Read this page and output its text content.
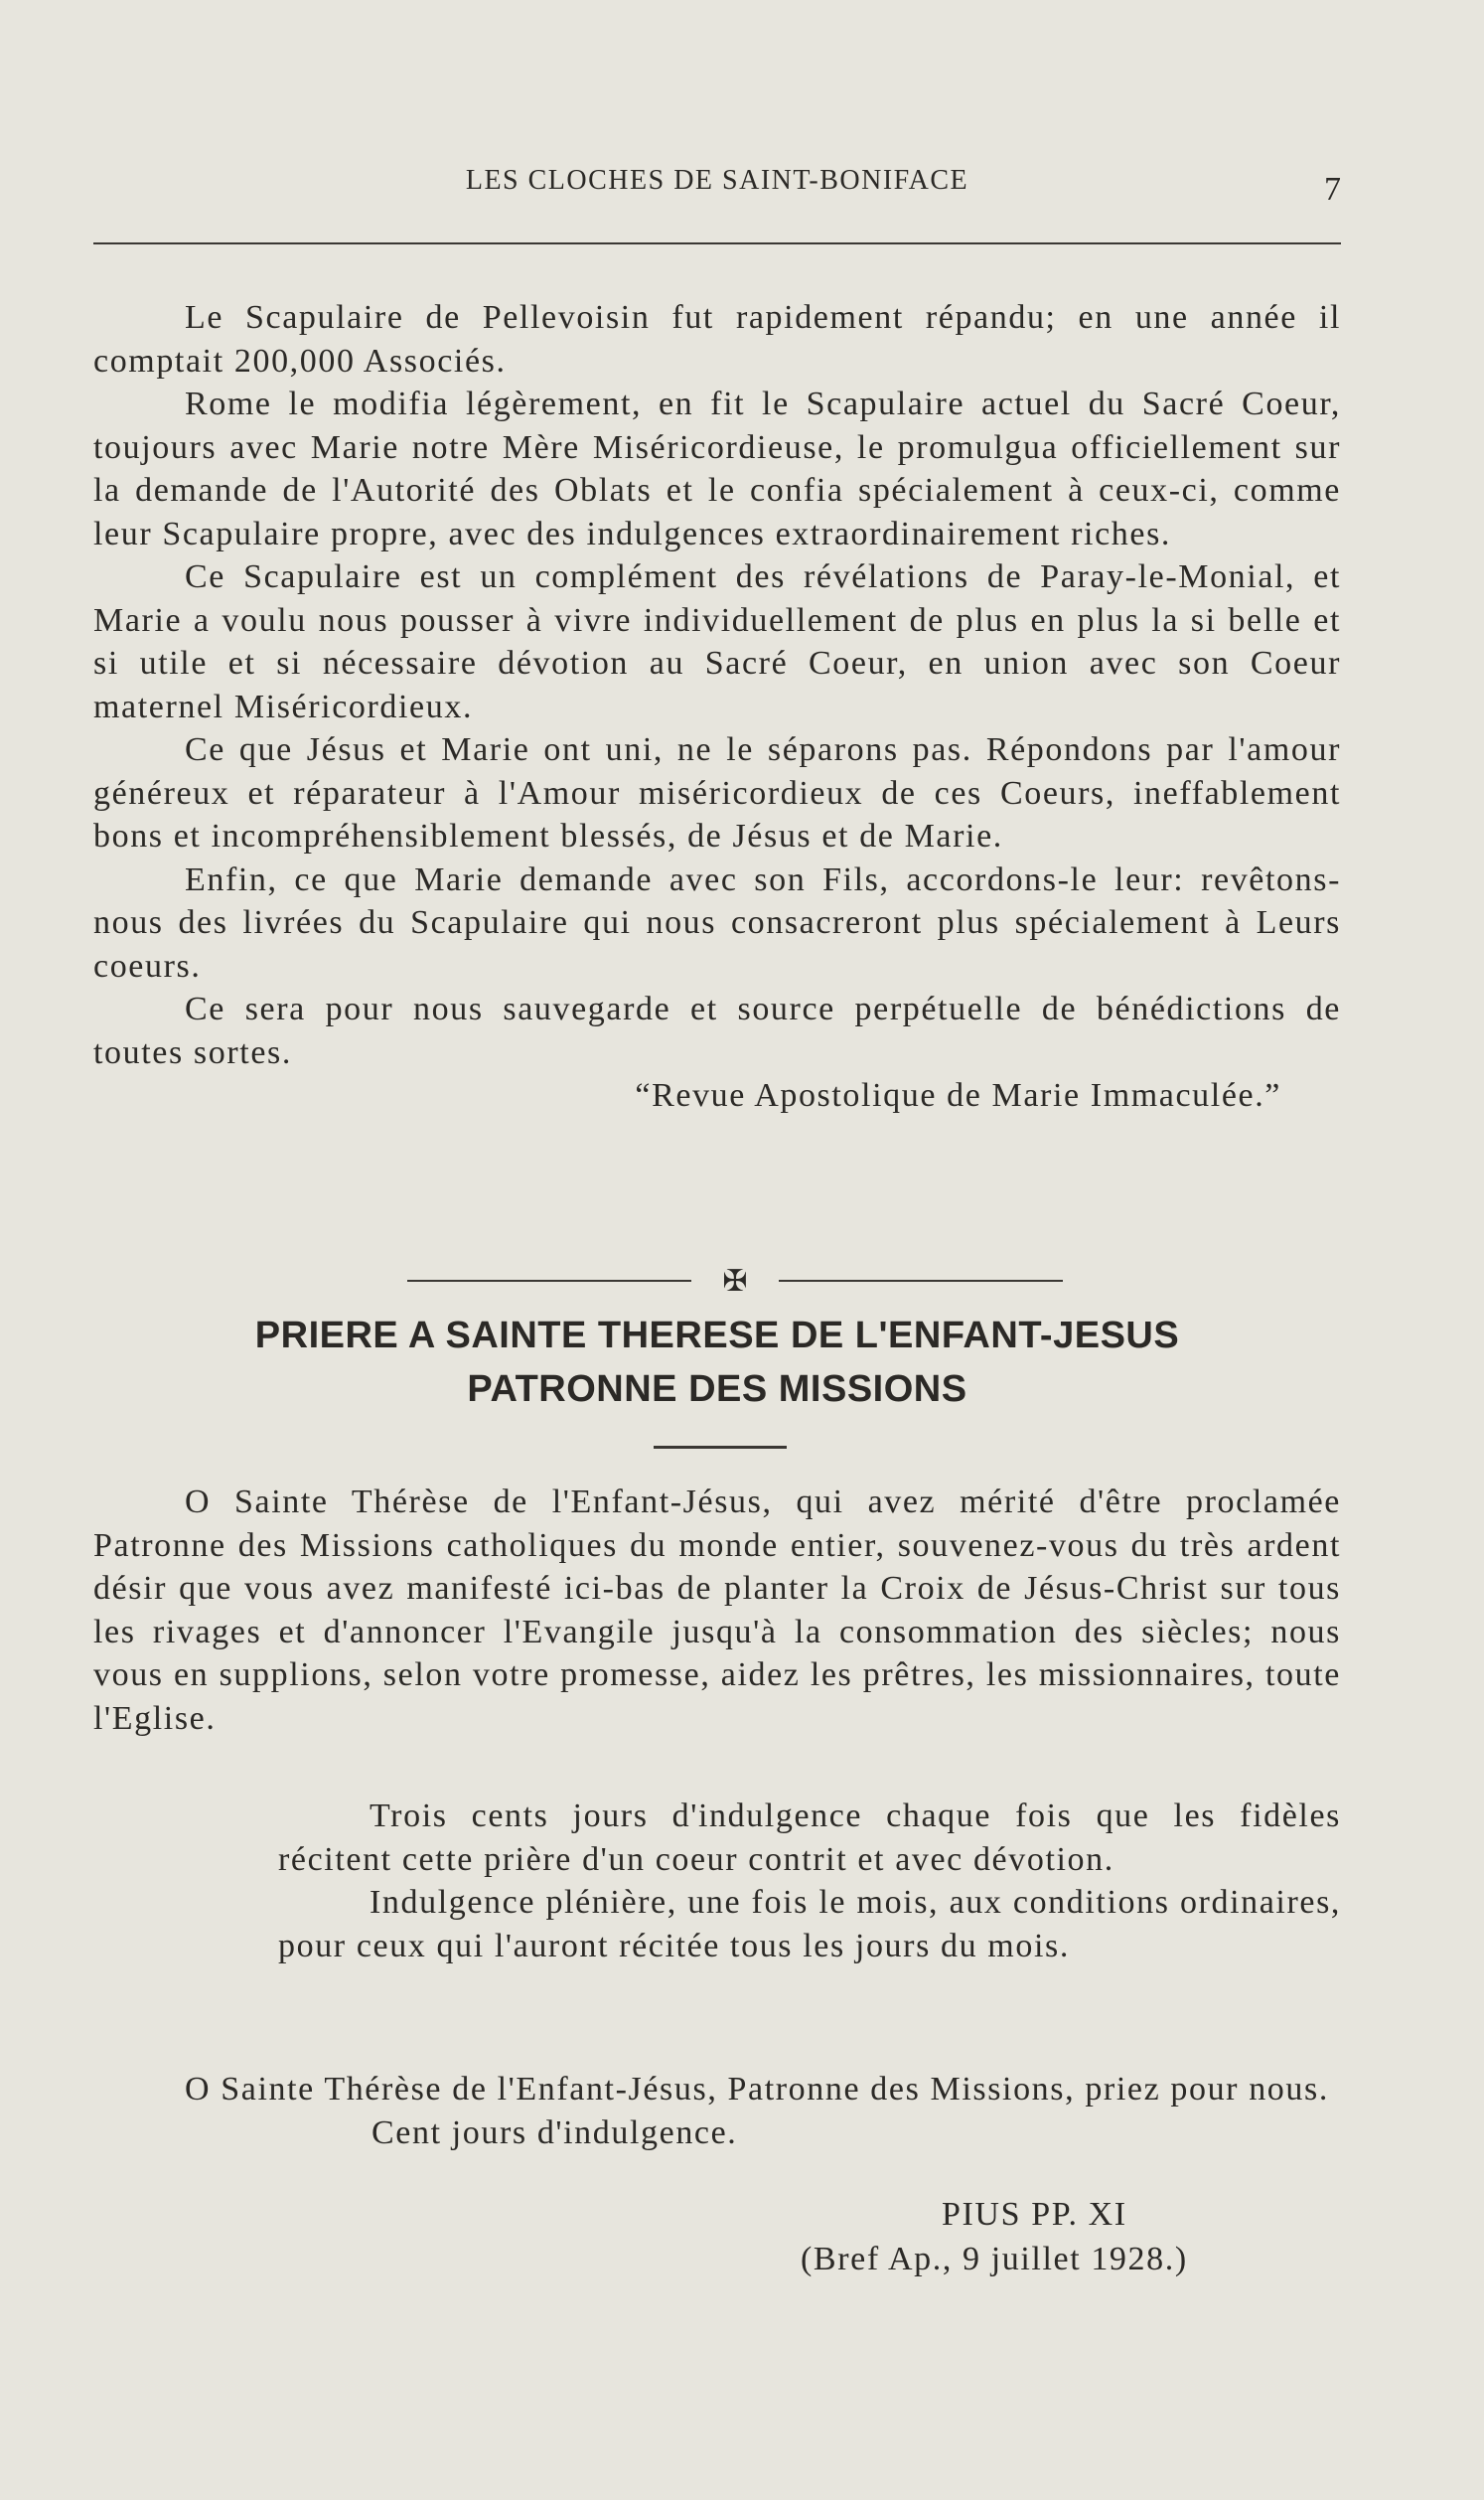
LES CLOCHES DE SAINT-BONIFACE	7

Le Scapulaire de Pellevoisin fut rapidement répandu; en une année il comptait 200,000 Associés.

Rome le modifia légèrement, en fit le Scapulaire actuel du Sacré Coeur, toujours avec Marie notre Mère Miséricordieuse, le promulgua officiellement sur la demande de l'Autorité des Oblats et le confia spécialement à ceux-ci, comme leur Scapulaire propre, avec des indulgences extraordinairement riches.

Ce Scapulaire est un complément des révélations de Paray-le-Monial, et Marie a voulu nous pousser à vivre individuellement de plus en plus la si belle et si utile et si nécessaire dévotion au Sacré Coeur, en union avec son Coeur maternel Miséricordieux.

Ce que Jésus et Marie ont uni, ne le séparons pas. Répondons par l'amour généreux et réparateur à l'Amour miséricordieux de ces Coeurs, ineffablement bons et incompréhensiblement blessés, de Jésus et de Marie.

Enfin, ce que Marie demande avec son Fils, accordons-le leur: revêtons-nous des livrées du Scapulaire qui nous consacreront plus spécialement à Leurs coeurs.

Ce sera pour nous sauvegarde et source perpétuelle de bénédictions de toutes sortes.

“Revue Apostolique de Marie Immaculée.”

✠
PRIERE A SAINTE THERESE DE L'ENFANT-JESUS
PATRONNE DES MISSIONS

O Sainte Thérèse de l'Enfant-Jésus, qui avez mérité d'être proclamée Patronne des Missions catholiques du monde entier, souvenez-vous du très ardent désir que vous avez manifesté ici-bas de planter la Croix de Jésus-Christ sur tous les rivages et d'annoncer l'Evangile jusqu'à la consommation des siècles; nous vous en supplions, selon votre promesse, aidez les prêtres, les missionnaires, toute l'Eglise.

Trois cents jours d'indulgence chaque fois que les fidèles récitent cette prière d'un coeur contrit et avec dévotion.

Indulgence plénière, une fois le mois, aux conditions ordinaires, pour ceux qui l'auront récitée tous les jours du mois.

O Sainte Thérèse de l'Enfant-Jésus, Patronne des Missions, priez pour nous.

Cent jours d'indulgence.

PIUS PP. XI
(Bref Ap., 9 juillet 1928.)
